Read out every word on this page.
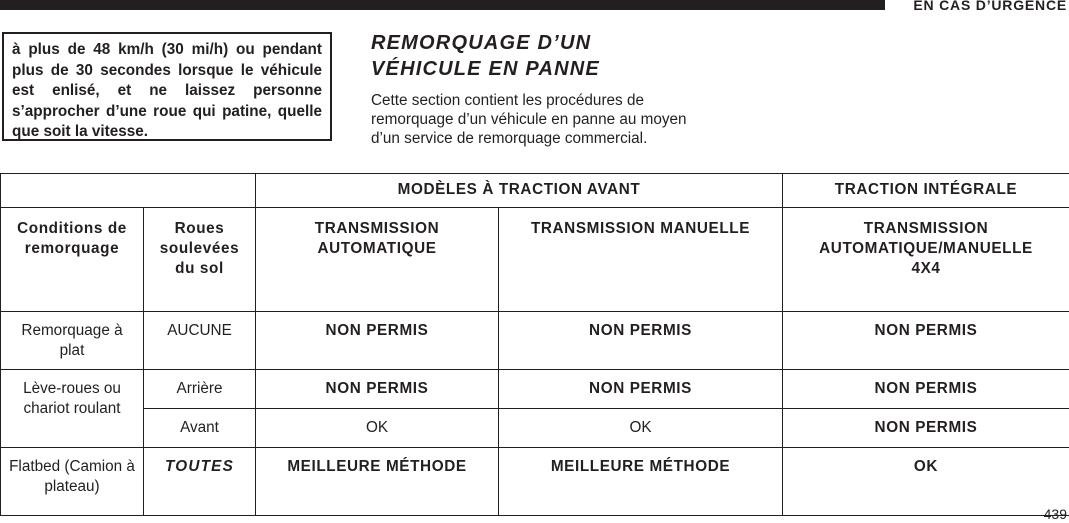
EN CAS D’URGENCE
à plus de 48 km/h (30 mi/h) ou pendant plus de 30 secondes lorsque le véhicule est enlisé, et ne laissez personne s’approcher d’une roue qui patine, quelle que soit la vitesse.
REMORQUAGE D’UN
VÉHICULE EN PANNE
Cette section contient les procédures de remorquage d’un véhicule en panne au moyen d’un service de remorquage commercial.
		MODÈLES À TRACTION AVANT		TRACTION INTÉGRALE
Conditions de remorquage	Roues soulevées du sol	TRANSMISSION AUTOMATIQUE	TRANSMISSION MANUELLE	TRANSMISSION AUTOMATIQUE/MANUELLE 4X4
Remorquage à plat	AUCUNE	NON PERMIS	NON PERMIS	NON PERMIS
Lève-roues ou chariot roulant	Arrière	NON PERMIS	NON PERMIS	NON PERMIS
	Avant	OK	OK	NON PERMIS
Flatbed (Camion à plateau)	TOUTES	MEILLEURE MÉTHODE	MEILLEURE MÉTHODE	OK
439
